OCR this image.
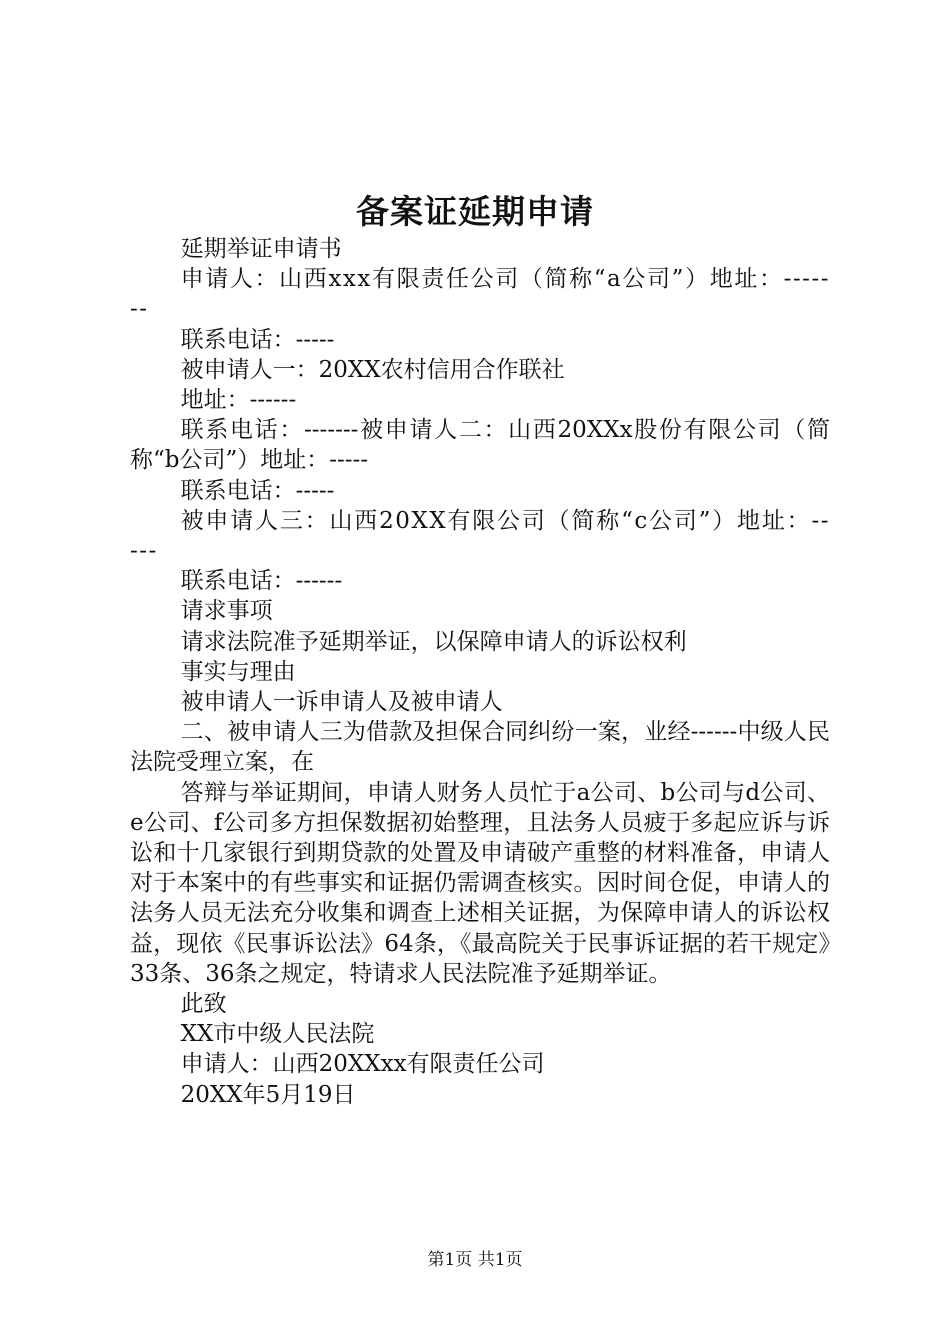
备案证延期申请

延期举证申请书

申请人：山西xxx有限责任公司（简称“a公司”）地址：-------

联系电话：-----

被申请人一：20XX农村信用合作联社

地址：------

联系电话：-------被申请人二：山西20XXx股份有限公司（简称“b公司”）地址：-----

联系电话：-----

被申请人三：山西20XX有限公司（简称“c公司”）地址：-----

联系电话：------

请求事项

请求法院准予延期举证，以保障申请人的诉讼权利

事实与理由

被申请人一诉申请人及被申请人

二、被申请人三为借款及担保合同纠纷一案，业经------中级人民法院受理立案，在

答辩与举证期间，申请人财务人员忙于a公司、b公司与d公司、e公司、f公司多方担保数据初始整理，且法务人员疲于多起应诉与诉讼和十几家银行到期贷款的处置及申请破产重整的材料准备，申请人对于本案中的有些事实和证据仍需调查核实。因时间仓促，申请人的法务人员无法充分收集和调查上述相关证据，为保障申请人的诉讼权益，现依《民事诉讼法》64条，《最高院关于民事诉证据的若干规定》33条、36条之规定，特请求人民法院准予延期举证。

此致

XX市中级人民法院

申请人：山西20XXxx有限责任公司

20XX年5月19日

第1页 共1页
